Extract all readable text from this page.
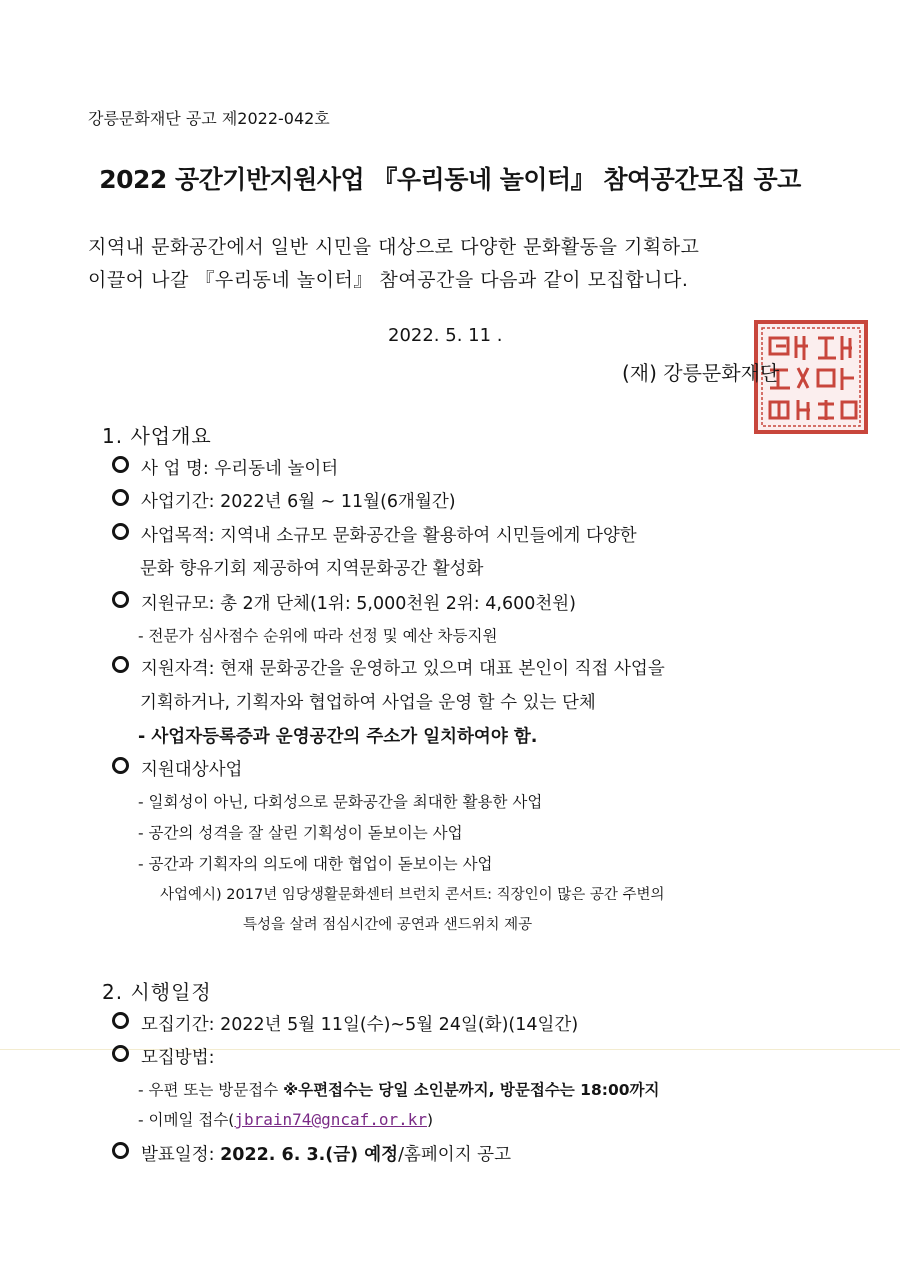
강릉문화재단 공고 제2022-042호
2022 공간기반지원사업 『우리동네 놀이터』 참여공간모집 공고
지역내 문화공간에서 일반 시민을 대상으로 다양한 문화활동을 기획하고
이끌어 나갈 『우리동네 놀이터』 참여공간을 다음과 같이 모집합니다.
2022. 5. 11 .
(재) 강릉문화재단
1. 사업개요
사 업 명: 우리동네 놀이터
사업기간: 2022년 6월 ~ 11월(6개월간)
사업목적: 지역내 소규모 문화공간을 활용하여 시민들에게 다양한
문화 향유기회 제공하여 지역문화공간 활성화
지원규모: 총 2개 단체(1위: 5,000천원 2위: 4,600천원)
- 전문가 심사점수 순위에 따라 선정 및 예산 차등지원
지원자격: 현재 문화공간을 운영하고 있으며 대표 본인이 직접 사업을
기획하거나, 기획자와 협업하여 사업을 운영 할 수 있는 단체
- 사업자등록증과 운영공간의 주소가 일치하여야 함.
지원대상사업
- 일회성이 아닌, 다회성으로 문화공간을 최대한 활용한 사업
- 공간의 성격을 잘 살린 기획성이 돋보이는 사업
- 공간과 기획자의 의도에 대한 협업이 돋보이는 사업
사업예시) 2017년 임당생활문화센터 브런치 콘서트: 직장인이 많은 공간 주변의
특성을 살려 점심시간에 공연과 샌드위치 제공
2. 시행일정
모집기간: 2022년 5월 11일(수)~5월 24일(화)(14일간)
모집방법:
- 우편 또는 방문접수 ※우편접수는 당일 소인분까지, 방문접수는 18:00까지
- 이메일 접수(jbrain74@gncaf.or.kr)
발표일정: 2022. 6. 3.(금) 예정/홈페이지 공고
